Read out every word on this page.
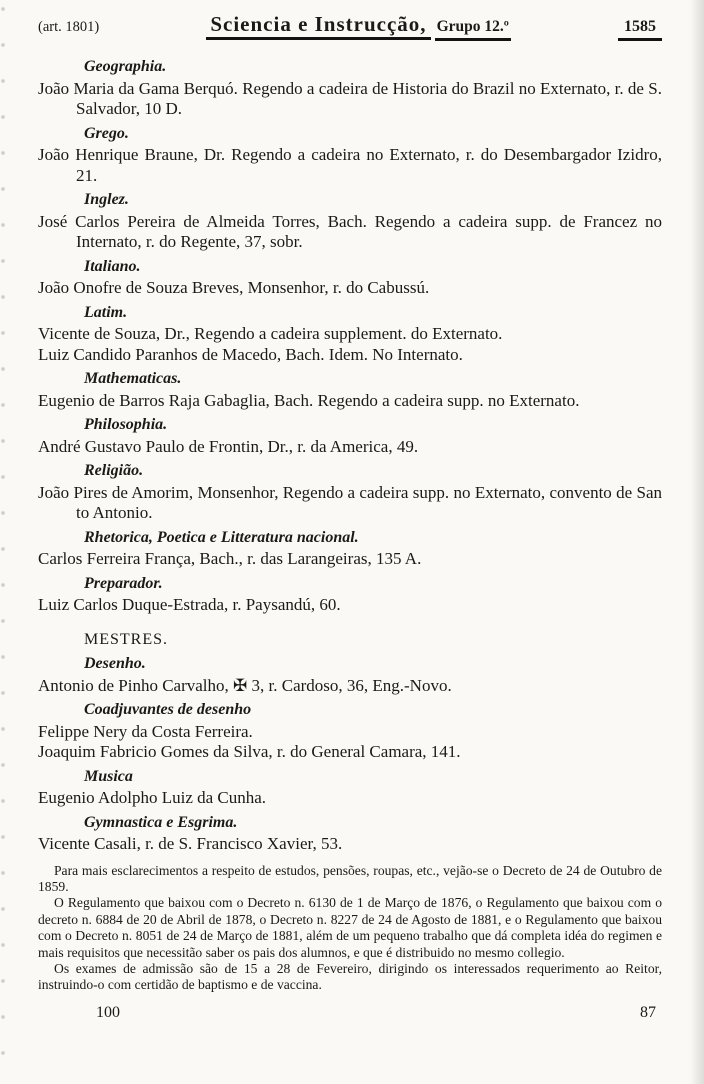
(art. 1801)	Sciencia e Instrucção, Grupo 12.º	1585
Geographia.

João Maria da Gama Berquó. Regendo a cadeira de Historia do Brazil no Externato, r. de S. Salvador, 10 D.

Grego.

João Henrique Braune, Dr. Regendo a cadeira no Externato, r. do Desembargador Izidro, 21.

Inglez.

José Carlos Pereira de Almeida Torres, Bach. Regendo a cadeira supp. de Francez no Internato, r. do Regente, 37, sobr.

Italiano.

João Onofre de Souza Breves, Monsenhor, r. do Cabussú.

Latim.

Vicente de Souza, Dr., Regendo a cadeira supplement. do Externato.

Luiz Candido Paranhos de Macedo, Bach. Idem. No Internato.

Mathematicas.

Eugenio de Barros Raja Gabaglia, Bach. Regendo a cadeira supp. no Externato.

Philosophia.

André Gustavo Paulo de Frontin, Dr., r. da America, 49.

Religião.

João Pires de Amorim, Monsenhor, Regendo a cadeira supp. no Externato, convento de San to Antonio.

Rhetorica, Poetica e Litteratura nacional.

Carlos Ferreira França, Bach., r. das Larangeiras, 135 A.

Preparador.

Luiz Carlos Duque-Estrada, r. Paysandú, 60.

MESTRES.
Desenho.

Antonio de Pinho Carvalho, ✠ 3, r. Cardoso, 36, Eng.-Novo.

Coadjuvantes de desenho

Felippe Nery da Costa Ferreira.

Joaquim Fabricio Gomes da Silva, r. do General Camara, 141.

Musica

Eugenio Adolpho Luiz da Cunha.

Gymnastica e Esgrima.

Vicente Casali, r. de S. Francisco Xavier, 53.

Para mais esclarecimentos a respeito de estudos, pensões, roupas, etc., vejão-se o Decreto de 24 de Outubro de 1859.

O Regulamento que baixou com o Decreto n. 6130 de 1 de Março de 1876, o Regulamento que baixou com o decreto n. 6884 de 20 de Abril de 1878, o Decreto n. 8227 de 24 de Agosto de 1881, e o Regulamento que baixou com o Decreto n. 8051 de 24 de Março de 1881, além de um pequeno trabalho que dá completa idéa do regimen e mais requisitos que necessitão saber os pais dos alumnos, e que é distribuido no mesmo collegio.

Os exames de admissão são de 15 a 28 de Fevereiro, dirigindo os interessados requerimento ao Reitor, instruindo-o com certidão de baptismo e de vaccina.

100	87
